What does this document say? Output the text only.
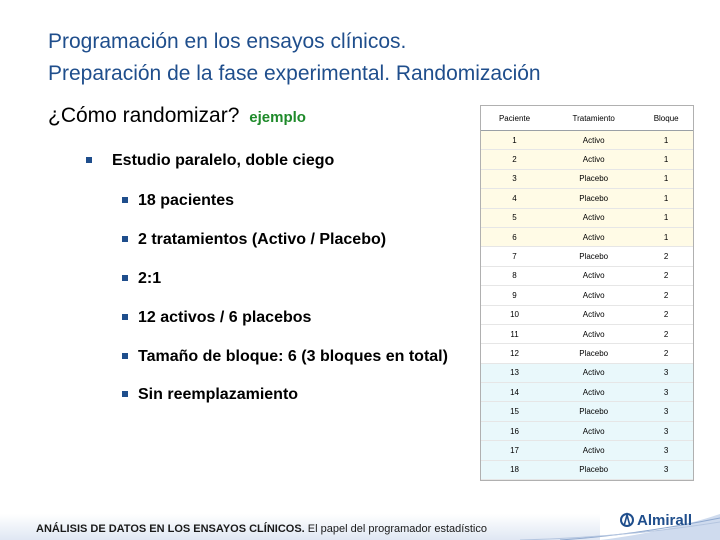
Programación en los ensayos clínicos.
Preparación de la fase experimental. Randomización
¿Cómo randomizar? ejemplo
Estudio paralelo, doble ciego
18 pacientes
2 tratamientos (Activo / Placebo)
2:1
12 activos / 6 placebos
Tamaño de bloque: 6 (3 bloques en total)
Sin reemplazamiento
Paciente	Tratamiento	Bloque
1	Activo	1
2	Activo	1
3	Placebo	1
4	Placebo	1
5	Activo	1
6	Activo	1
7	Placebo	2
8	Activo	2
9	Activo	2
10	Activo	2
11	Activo	2
12	Placebo	2
13	Activo	3
14	Activo	3
15	Placebo	3
16	Activo	3
17	Activo	3
18	Placebo	3
ANÁLISIS DE DATOS EN LOS ENSAYOS CLÍNICOS. El papel del programador estadístico
Almirall
